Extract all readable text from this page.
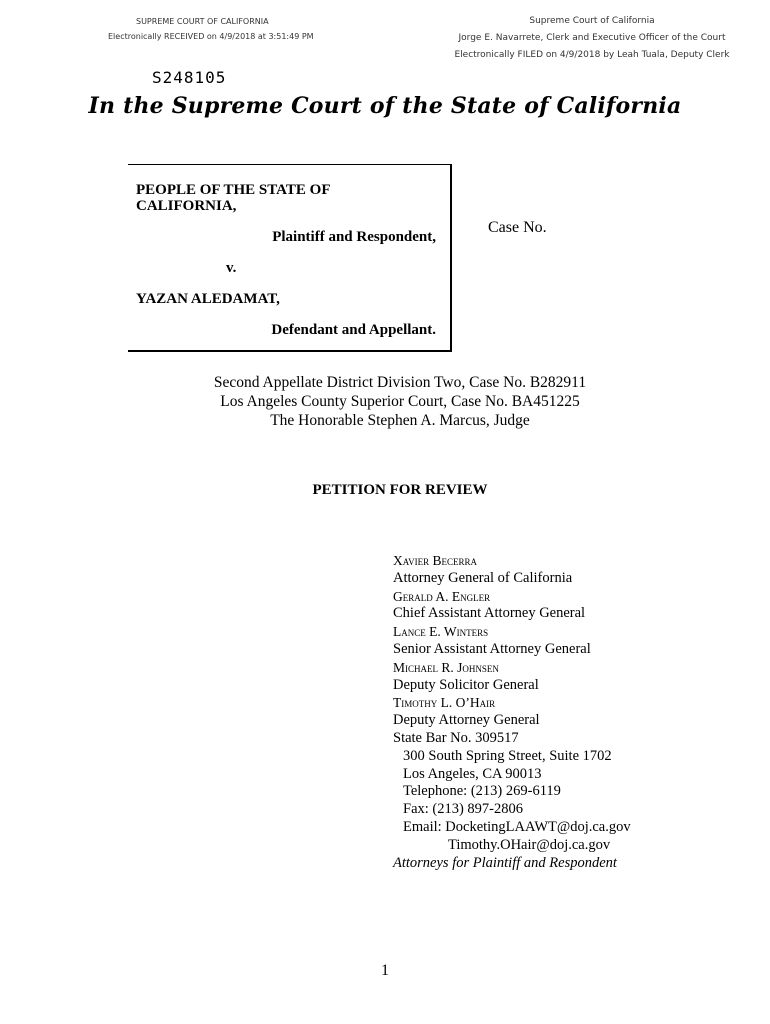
SUPREME COURT OF CALIFORNIA
Electronically RECEIVED on 4/9/2018 at 3:51:49 PM
Supreme Court of California
Jorge E. Navarrete, Clerk and Executive Officer of the Court
Electronically FILED on 4/9/2018 by Leah Tuala, Deputy Clerk
S248105
In the Supreme Court of the State of California
PEOPLE OF THE STATE OF
CALIFORNIA,
Plaintiff and Respondent,
v.
YAZAN ALEDAMAT,
Defendant and Appellant.
Case No.
Second Appellate District Division Two, Case No. B282911
Los Angeles County Superior Court, Case No. BA451225
The Honorable Stephen A. Marcus, Judge
PETITION FOR REVIEW
Xavier Becerra
Attorney General of California
Gerald A. Engler
Chief Assistant Attorney General
Lance E. Winters
Senior Assistant Attorney General
Michael R. Johnsen
Deputy Solicitor General
Timothy L. O’Hair
Deputy Attorney General
State Bar No. 309517
300 South Spring Street, Suite 1702
Los Angeles, CA 90013
Telephone: (213) 269-6119
Fax: (213) 897-2806
Email: DocketingLAAWT@doj.ca.gov
Timothy.OHair@doj.ca.gov
Attorneys for Plaintiff and Respondent
1
